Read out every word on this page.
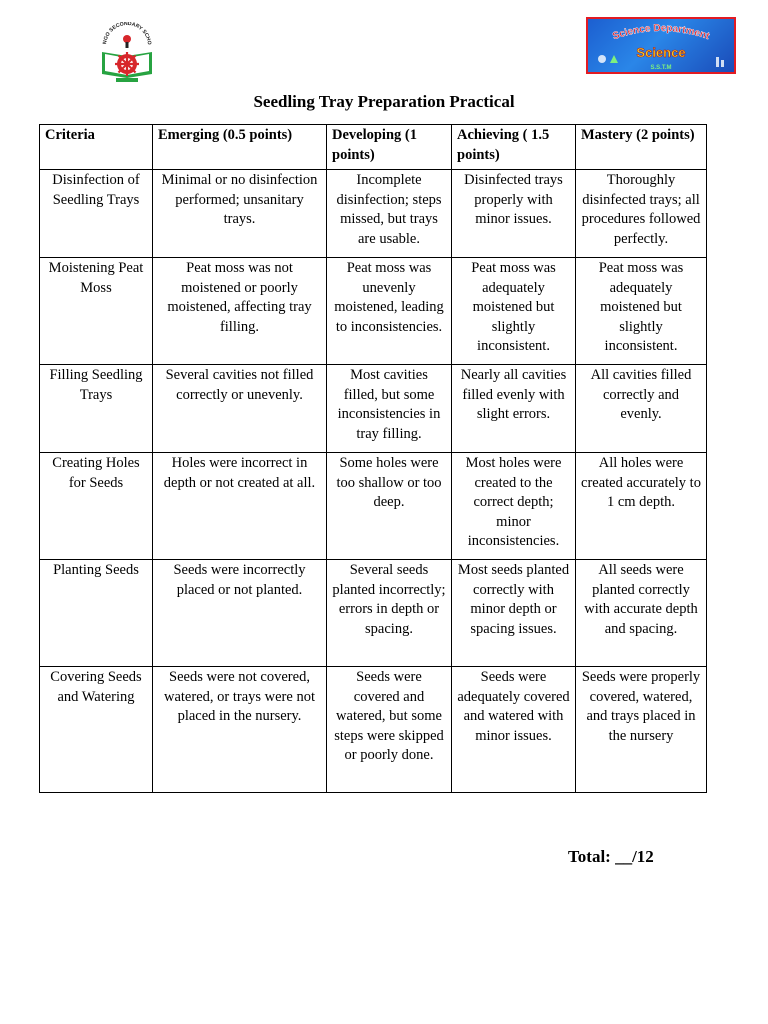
NGO SECONDARY SCHO
Science Department
Science
S.S.T.M
Seedling Tray Preparation Practical
Criteria	Emerging (0.5 points)	Developing (1 points)	Achieving ( 1.5 points)	Mastery (2 points)
Disinfection of Seedling Trays	Minimal or no disinfection performed; unsanitary trays.	Incomplete disinfection; steps missed, but trays are usable.	Disinfected trays properly with minor issues.	Thoroughly disinfected trays; all procedures followed perfectly.
Moistening Peat Moss	Peat moss was not moistened or poorly moistened, affecting tray filling.	Peat moss was unevenly moistened, leading to inconsistencies.	Peat moss was adequately moistened but slightly inconsistent.	Peat moss was adequately moistened but slightly inconsistent.
Filling Seedling Trays	Several cavities not filled correctly or unevenly.	Most cavities filled, but some inconsistencies in tray filling.	Nearly all cavities filled evenly with slight errors.	All cavities filled correctly and evenly.
Creating Holes for Seeds	Holes were incorrect in depth or not created at all.	Some holes were too shallow or too deep.	Most holes were created to the correct depth; minor inconsistencies.	All holes were created accurately to 1 cm depth.
Planting Seeds	Seeds were incorrectly placed or not planted.	Several seeds planted incorrectly; errors in depth or spacing.	Most seeds planted correctly with minor depth or spacing issues.	All seeds were planted correctly with accurate depth and spacing.
Covering Seeds and Watering	Seeds were not covered, watered, or trays were not placed in the nursery.	Seeds were covered and watered, but some steps were skipped or poorly done.	Seeds were adequately covered and watered with minor issues.	Seeds were properly covered, watered, and trays placed in the nursery
Total: __/12
